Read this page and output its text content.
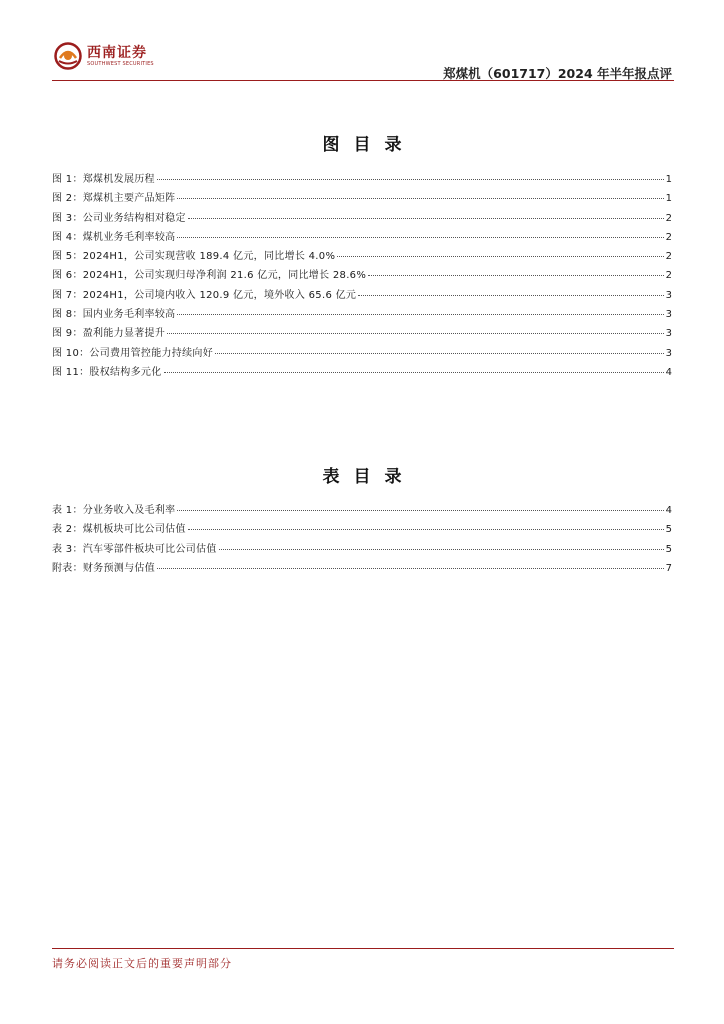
西南证券
SOUTHWEST SECURITIES
郑煤机（601717）2024 年半年报点评
图目录
图 1：郑煤机发展历程	1
图 2：郑煤机主要产品矩阵	1
图 3：公司业务结构相对稳定	2
图 4：煤机业务毛利率较高	2
图 5：2024H1，公司实现营收 189.4 亿元，同比增长 4.0%	2
图 6：2024H1，公司实现归母净利润 21.6 亿元，同比增长 28.6%	2
图 7：2024H1，公司境内收入 120.9 亿元，境外收入 65.6 亿元	3
图 8：国内业务毛利率较高	3
图 9：盈利能力显著提升	3
图 10：公司费用管控能力持续向好	3
图 11：股权结构多元化	4
表目录
表 1：分业务收入及毛利率	4
表 2：煤机板块可比公司估值	5
表 3：汽车零部件板块可比公司估值	5
附表：财务预测与估值	7
请务必阅读正文后的重要声明部分
